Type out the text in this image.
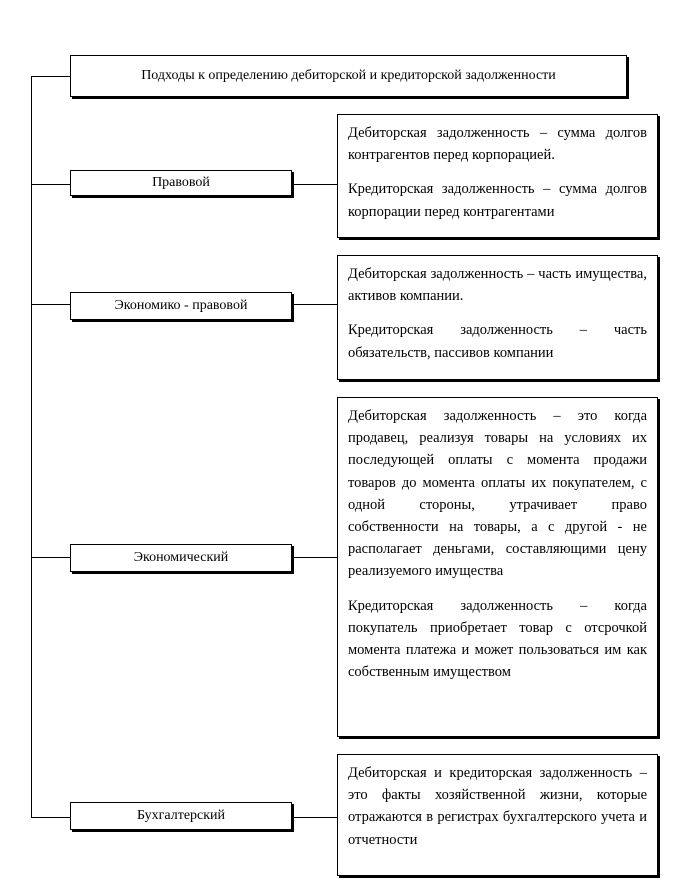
Подходы к определению дебиторской и кредиторской задолженности
Правовой
Экономико - правовой
Экономический
Бухгалтерский

Дебиторская задолженность – сумма долгов контрагентов перед корпорацией.

Кредиторская задолженность – сумма долгов корпорации перед контрагентами

Дебиторская задолженность – часть имущества, активов компании.

Кредиторская задолженность – часть обязательств, пассивов компании

Дебиторская задолженность – это когда продавец, реализуя товары на условиях их последующей оплаты с момента продажи товаров до момента оплаты их покупателем, с одной стороны, утрачивает право собственности на товары, а с другой - не располагает деньгами, составляющими цену реализуемого имущества

Кредиторская задолженность – когда покупатель приобретает товар с отсрочкой момента платежа и может пользоваться им как собственным имуществом

Дебиторская и кредиторская задолженность – это факты хозяйственной жизни, которые отражаются в регистрах бухгалтерского учета и отчетности
